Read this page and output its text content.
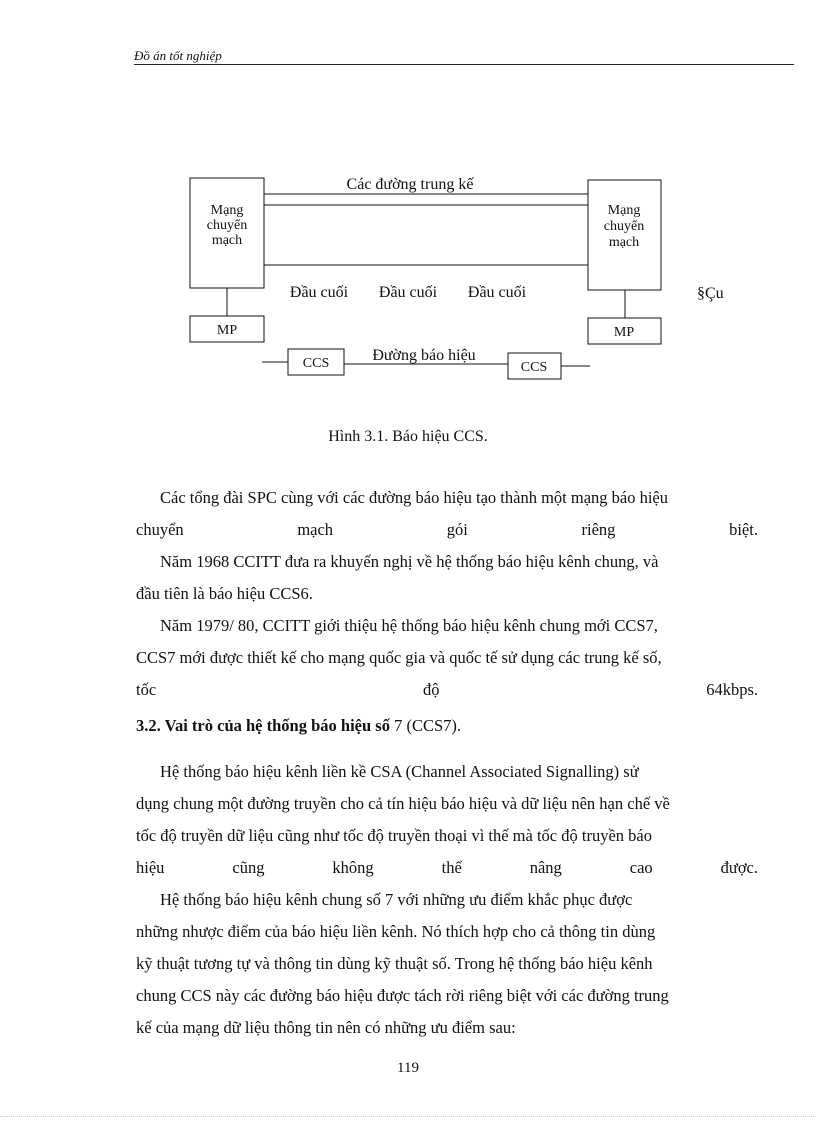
Đồ án tốt nghiệp
Mạng
chuyển
mạch
Mạng
chuyển
mạch
Các đường trung kế
Đầu cuối Đầu cuối Đầu cuối	§Çu
MP	MP
CCS	Đường báo hiệu
CCS
Hình 3.1. Báo hiệu CCS.
Các tổng đài SPC cùng với các đường báo hiệu tạo thành một mạng báo hiệu
chuyển	mạch	gói	riêng	biệt.
Năm 1968 CCITT đưa ra khuyến nghị về hệ thống báo hiệu kênh chung, và
đầu tiên là báo hiệu CCS6.
Năm 1979/ 80, CCITT giới thiệu hệ thống báo hiệu kênh chung mới CCS7,
CCS7 mới được thiết kế cho mạng quốc gia và quốc tế sử dụng các trung kế số,
tốc	độ	64kbps.
3.2. Vai trò của hệ thống báo hiệu số 7 (CCS7).
Hệ thống báo hiệu kênh liền kề CSA (Channel Associated Signalling) sử
dụng chung một đường truyền cho cả tín hiệu báo hiệu và dữ liệu nên hạn chế về
tốc độ truyền dữ liệu cũng như tốc độ truyền thoại vì thế mà tốc độ truyền báo
hiệu	cũng	không	thể	nâng	cao	được.
Hệ thống báo hiệu kênh chung số 7 với những ưu điểm khắc phục được
những nhược điểm của báo hiệu liền kênh. Nó thích hợp cho cả thông tin dùng
kỹ thuật tương tự và thông tin dùng kỹ thuật số. Trong hệ thống báo hiệu kênh
chung CCS này các đường báo hiệu được tách rời riêng biệt với các đường trung
kế của mạng dữ liệu thông tin nên có những ưu điểm sau:
119
